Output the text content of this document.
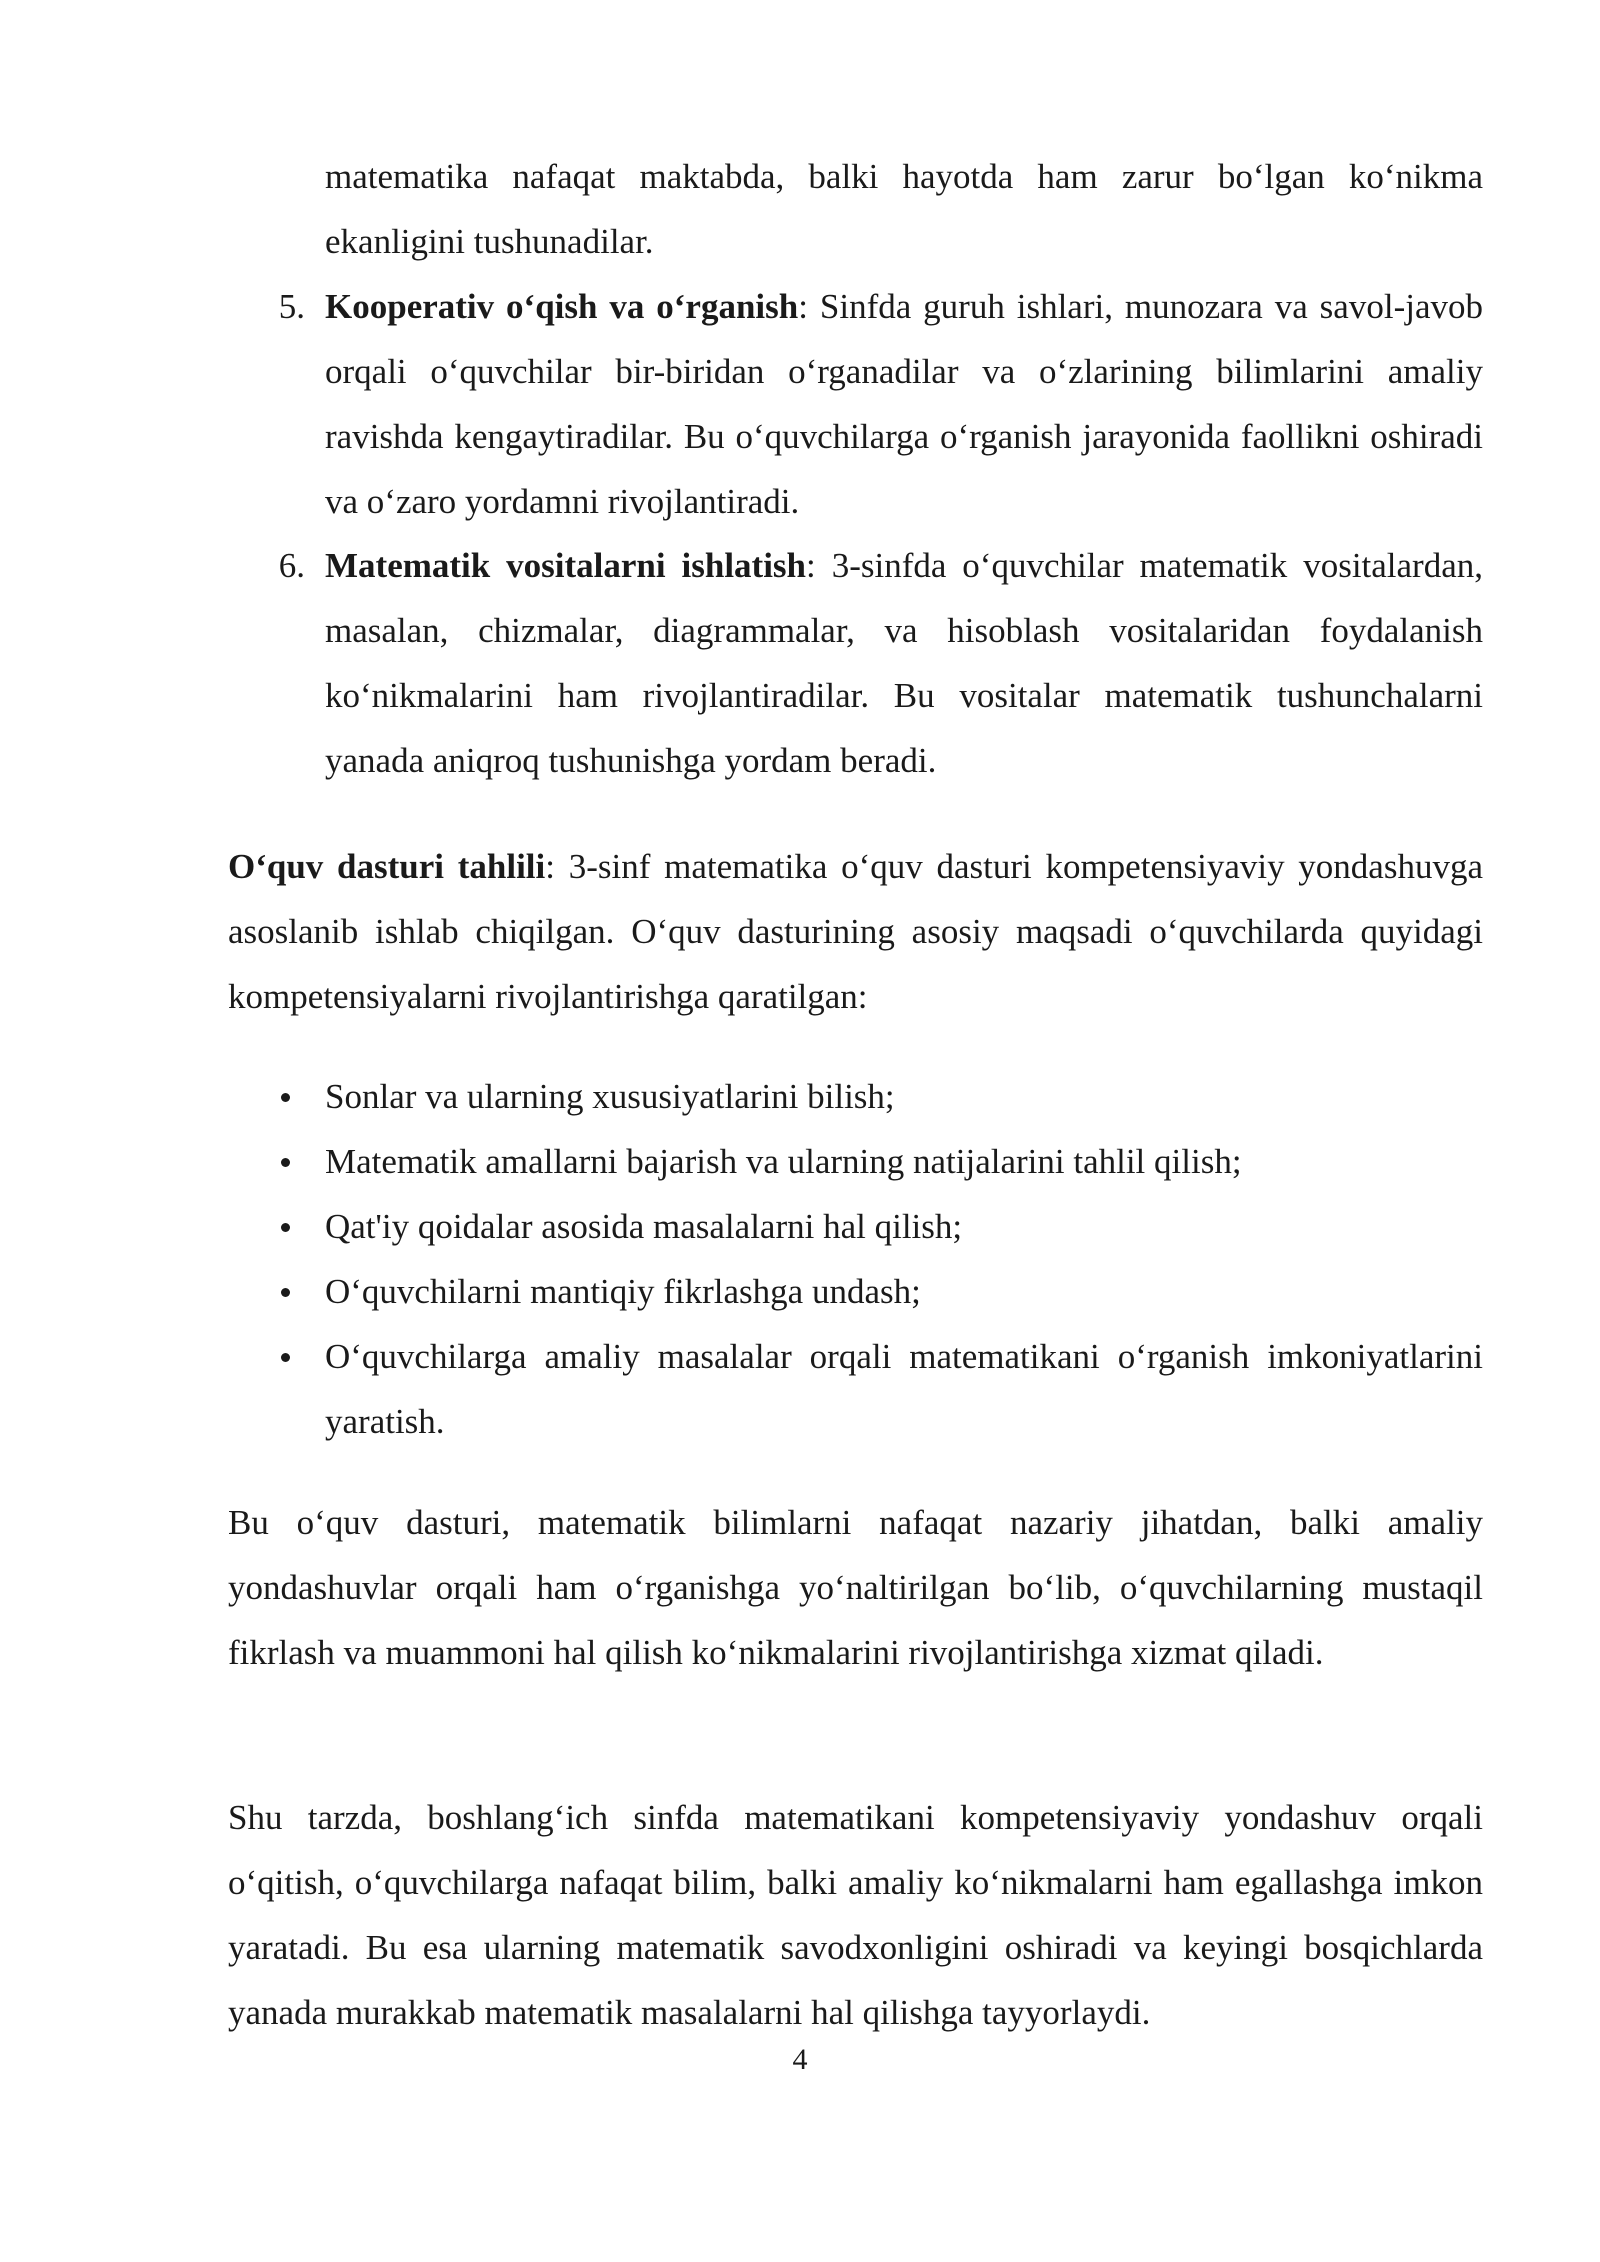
matematika nafaqat maktabda, balki hayotda ham zarur bo‘lgan ko‘nikma
ekanligini tushunadilar.
5. Kooperativ o‘qish va o‘rganish: Sinfda guruh ishlari, munozara va savol-javob orqali o‘quvchilar bir-biridan o‘rganadilar va o‘zlarining bilimlarini amaliy ravishda kengaytiradilar. Bu o‘quvchilarga o‘rganish jarayonida faollikni oshiradi va o‘zaro yordamni rivojlantiradi.
6. Matematik vositalarni ishlatish: 3-sinfda o‘quvchilar matematik vositalardan, masalan, chizmalar, diagrammalar, va hisoblash vositalaridan foydalanish ko‘nikmalarini ham rivojlantiradilar. Bu vositalar matematik tushunchalarni yanada aniqroq tushunishga yordam beradi.
O‘quv dasturi tahlili: 3-sinf matematika o‘quv dasturi kompetensiyaviy yondashuvga asoslanib ishlab chiqilgan. O‘quv dasturining asosiy maqsadi o‘quvchilarda quyidagi kompetensiyalarni rivojlantirishga qaratilgan:
Sonlar va ularning xususiyatlarini bilish;
Matematik amallarni bajarish va ularning natijalarini tahlil qilish;
Qat'iy qoidalar asosida masalalarni hal qilish;
O‘quvchilarni mantiqiy fikrlashga undash;
O‘quvchilarga amaliy masalalar orqali matematikani o‘rganish imkoniyatlarini yaratish.
Bu o‘quv dasturi, matematik bilimlarni nafaqat nazariy jihatdan, balki amaliy yondashuvlar orqali ham o‘rganishga yo‘naltirilgan bo‘lib, o‘quvchilarning mustaqil fikrlash va muammoni hal qilish ko‘nikmalarini rivojlantirishga xizmat qiladi.
Shu tarzda, boshlang‘ich sinfda matematikani kompetensiyaviy yondashuv orqali o‘qitish, o‘quvchilarga nafaqat bilim, balki amaliy ko‘nikmalarni ham egallashga imkon yaratadi. Bu esa ularning matematik savodxonligini oshiradi va keyingi bosqichlarda yanada murakkab matematik masalalarni hal qilishga tayyorlaydi.
4
